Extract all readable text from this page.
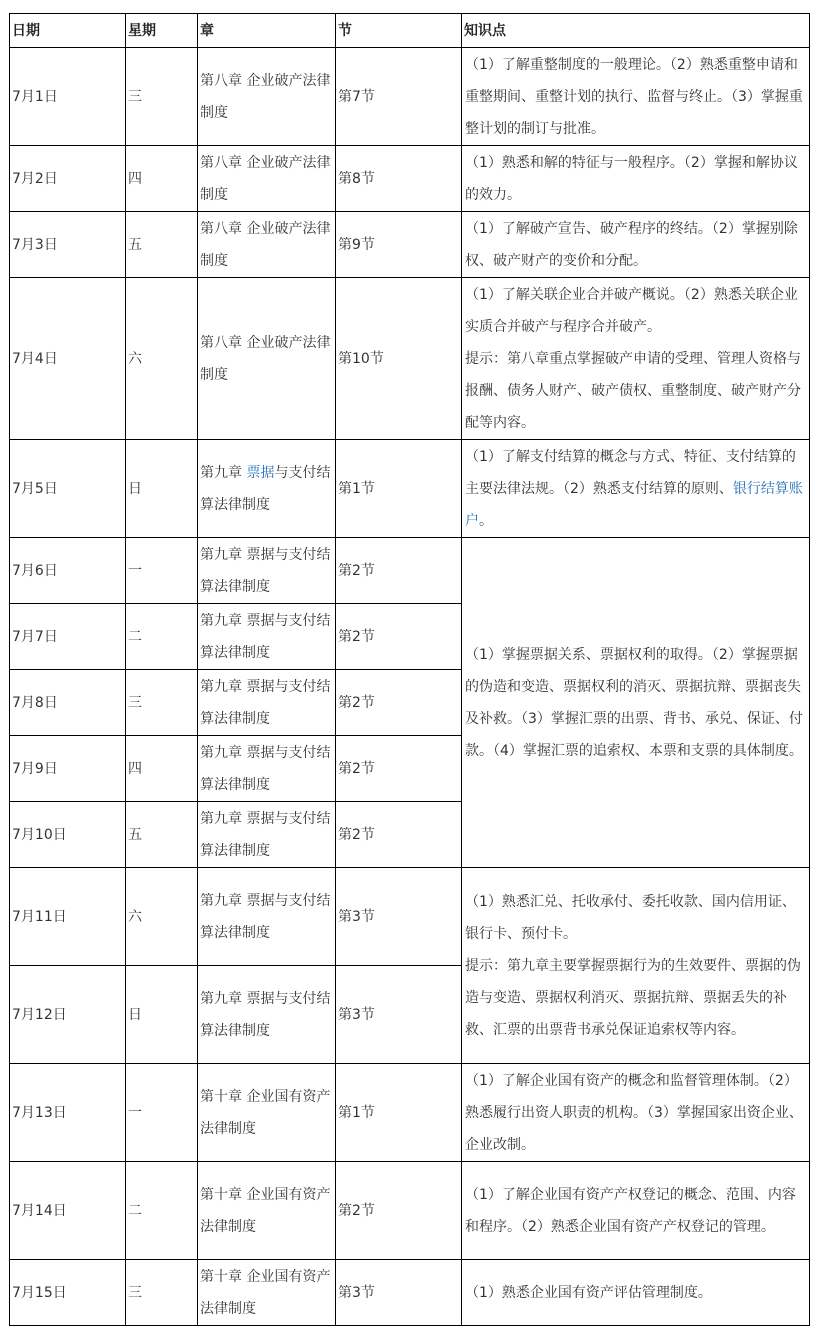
日期	星期	章	节	知识点
7月1日	三	第八章 企业破产法律制度	第7节	（1）了解重整制度的一般理论。（2）熟悉重整申请和重整期间、重整计划的执行、监督与终止。（3）掌握重整计划的制订与批准。

7月2日	四	第八章 企业破产法律制度	第8节	（1）熟悉和解的特征与一般程序。（2）掌握和解协议的效力。

7月3日	五	第八章 企业破产法律制度	第9节	（1）了解破产宣告、破产程序的终结。（2）掌握别除权、破产财产的变价和分配。

7月4日	六	第八章 企业破产法律制度	第10节	（1）了解关联企业合并破产概说。（2）熟悉关联企业实质合并破产与程序合并破产。
提示：第八章重点掌握破产申请的受理、管理人资格与报酬、债务人财产、破产债权、重整制度、破产财产分配等内容。

7月5日	日	第九章 票据与支付结算法律制度	第1节	（1）了解支付结算的概念与方式、特征、支付结算的主要法律法规。（2）熟悉支付结算的原则、银行结算账户。
7月6日	一	第九章 票据与支付结算法律制度	第2节	（1）掌握票据关系、票据权利的取得。（2）掌握票据的伪造和变造、票据权利的消灭、票据抗辩、票据丧失及补救。（3）掌握汇票的出票、背书、承兑、保证、付款。（4）掌握汇票的追索权、本票和支票的具体制度。

7月7日	二	第九章 票据与支付结算法律制度	第2节	
7月8日	三	第九章 票据与支付结算法律制度	第2节	
7月9日	四	第九章 票据与支付结算法律制度	第2节	
7月10日	五	第九章 票据与支付结算法律制度	第2节	
7月11日	六	第九章 票据与支付结算法律制度	第3节	（1）熟悉汇兑、托收承付、委托收款、国内信用证、银行卡、预付卡。
提示：第九章主要掌握票据行为的生效要件、票据的伪造与变造、票据权利消灭、票据抗辩、票据丢失的补救、汇票的出票背书承兑保证追索权等内容。

7月12日	日	第九章 票据与支付结算法律制度	第3节	
7月13日	一	第十章 企业国有资产法律制度	第1节	（1）了解企业国有资产的概念和监督管理体制。（2）熟悉履行出资人职责的机构。（3）掌握国家出资企业、企业改制。

7月14日	二	第十章 企业国有资产法律制度	第2节	（1）了解企业国有资产产权登记的概念、范围、内容和程序。（2）熟悉企业国有资产产权登记的管理。

7月15日	三	第十章 企业国有资产法律制度	第3节	（1）熟悉企业国有资产评估管理制度。
